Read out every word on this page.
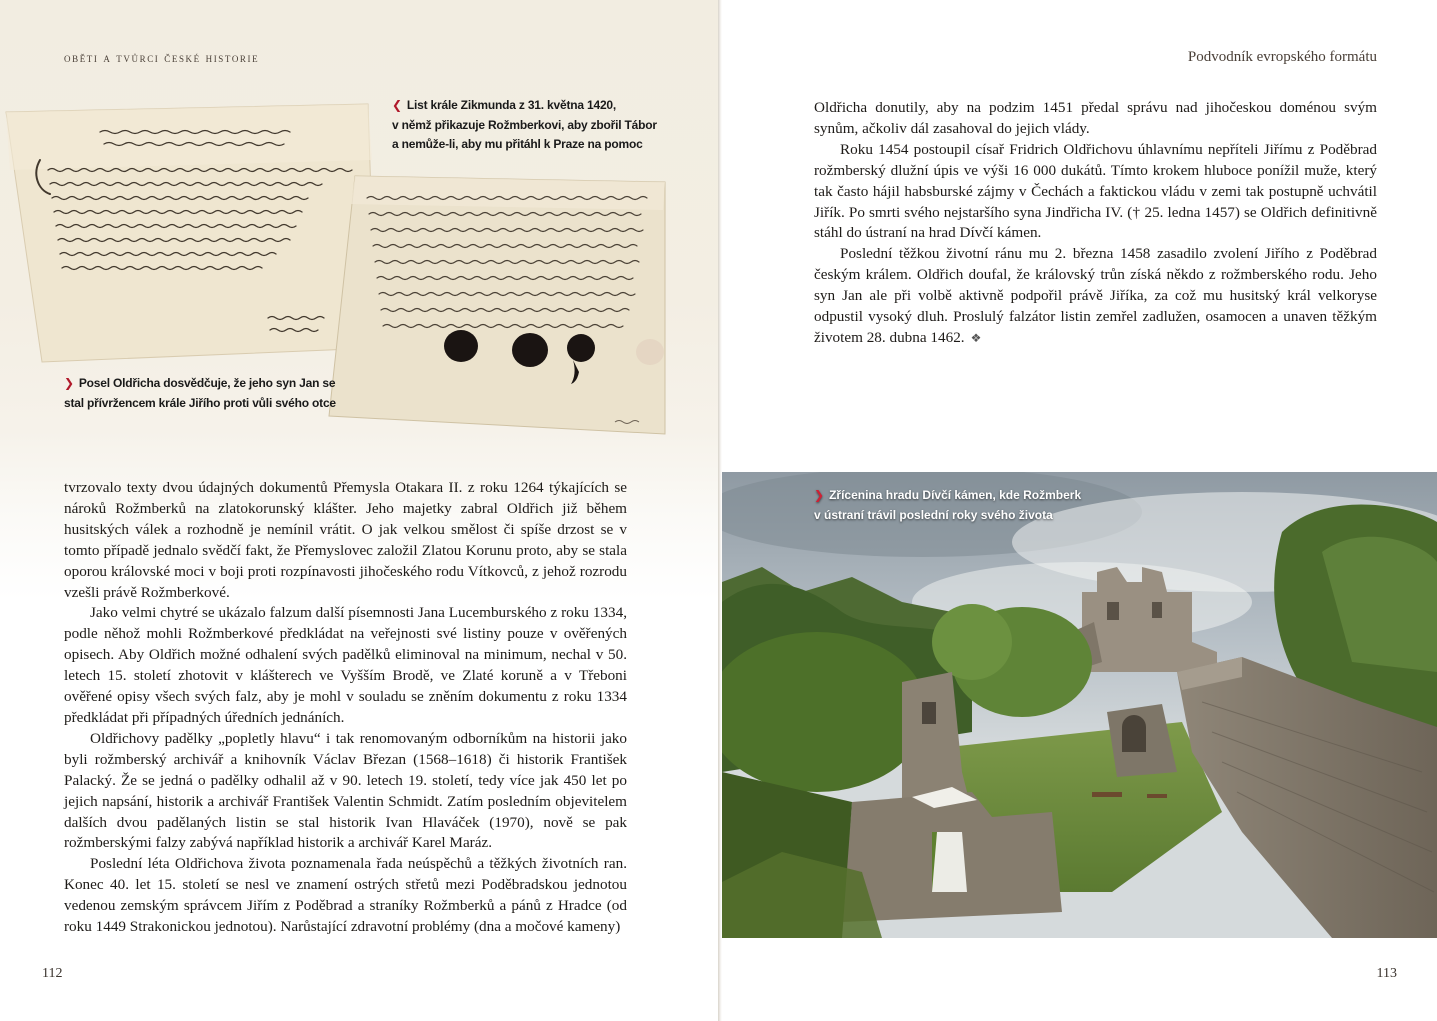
oběti a tvůrci české historie
❮ List krále Zikmunda z 31. května 1420,
v němž přikazuje Rožmberkovi, aby zbořil Tábor
a nemůže-li, aby mu přitáhl k Praze na pomoc
❯ Posel Oldřicha dosvědčuje, že jeho syn Jan se
stal přívržencem krále Jiřího proti vůli svého otce

tvrzovalo texty dvou údajných dokumentů Přemysla Otakara II. z roku 1264 týkajících se nároků Rožmberků na zlatokorunský klášter. Jeho majetky zabral Oldřich již během husitských válek a rozhodně je nemínil vrátit. O jak velkou smělost či spíše drzost se v tomto případě jednalo svědčí fakt, že Přemyslovec založil Zlatou Korunu proto, aby se stala oporou královské moci v boji proti rozpínavosti jihočeského rodu Vítkovců, z jehož rozrodu vzešli právě Rožmberkové.

Jako velmi chytré se ukázalo falzum další písemnosti Jana Lucemburského z roku 1334, podle něhož mohli Rožmberkové předkládat na veřejnosti své listiny pouze v ověřených opisech. Aby Oldřich možné odhalení svých padělků eliminoval na minimum, nechal v 50. letech 15. století zhotovit v klášterech ve Vyšším Brodě, ve Zlaté koruně a v Třeboni ověřené opisy všech svých falz, aby je mohl v souladu se zněním dokumentu z roku 1334 předkládat při případných úředních jednáních.

Oldřichovy padělky „popletly hlavu“ i tak renomovaným odborníkům na historii jako byli rožmberský archivář a knihovník Václav Březan (1568–1618) či historik František Palacký. Že se jedná o padělky odhalil až v 90. letech 19. století, tedy více jak 450 let po jejich napsání, historik a archivář František Valentin Schmidt. Zatím posledním objevitelem dalších dvou padělaných listin se stal historik Ivan Hlaváček (1970), nově se pak rožmberskými falzy zabývá například historik a archivář Karel Maráz.

Poslední léta Oldřichova života poznamenala řada neúspěchů a těžkých životních ran. Konec 40. let 15. století se nesl ve znamení ostrých střetů mezi Poděbradskou jednotou vedenou zemským správcem Jiřím z Poděbrad a straníky Rožmberků a pánů z Hradce (od roku 1449 Strakonickou jednotou). Narůstající zdravotní problémy (dna a močové kameny)

112
Podvodník evropského formátu

Oldřicha donutily, aby na podzim 1451 předal správu nad jihočeskou doménou svým synům, ačkoliv dál zasahoval do jejich vlády.

Roku 1454 postoupil císař Fridrich Oldřichovu úhlavnímu nepříteli Jiřímu z Poděbrad rožmberský dlužní úpis ve výši 16 000 dukátů. Tímto krokem hluboce ponížil muže, který tak často hájil habsburské zájmy v Čechách a faktickou vládu v zemi tak postupně uchvátil Jiřík. Po smrti svého nejstaršího syna Jindřicha IV. († 25. ledna 1457) se Oldřich definitivně stáhl do ústraní na hrad Dívčí kámen.

Poslední těžkou životní ránu mu 2. března 1458 zasadilo zvolení Jiřího z Poděbrad českým králem. Oldřich doufal, že královský trůn získá někdo z rožmberského rodu. Jeho syn Jan ale při volbě aktivně podpořil právě Jiříka, za což mu husitský král velkoryse odpustil vysoký dluh. Proslulý falzátor listin zemřel zadlužen, osamocen a unaven těžkým životem 28. dubna 1462. ❖

❯ Zřícenina hradu Dívčí kámen, kde Rožmberk
v ústraní trávil poslední roky svého života
113
